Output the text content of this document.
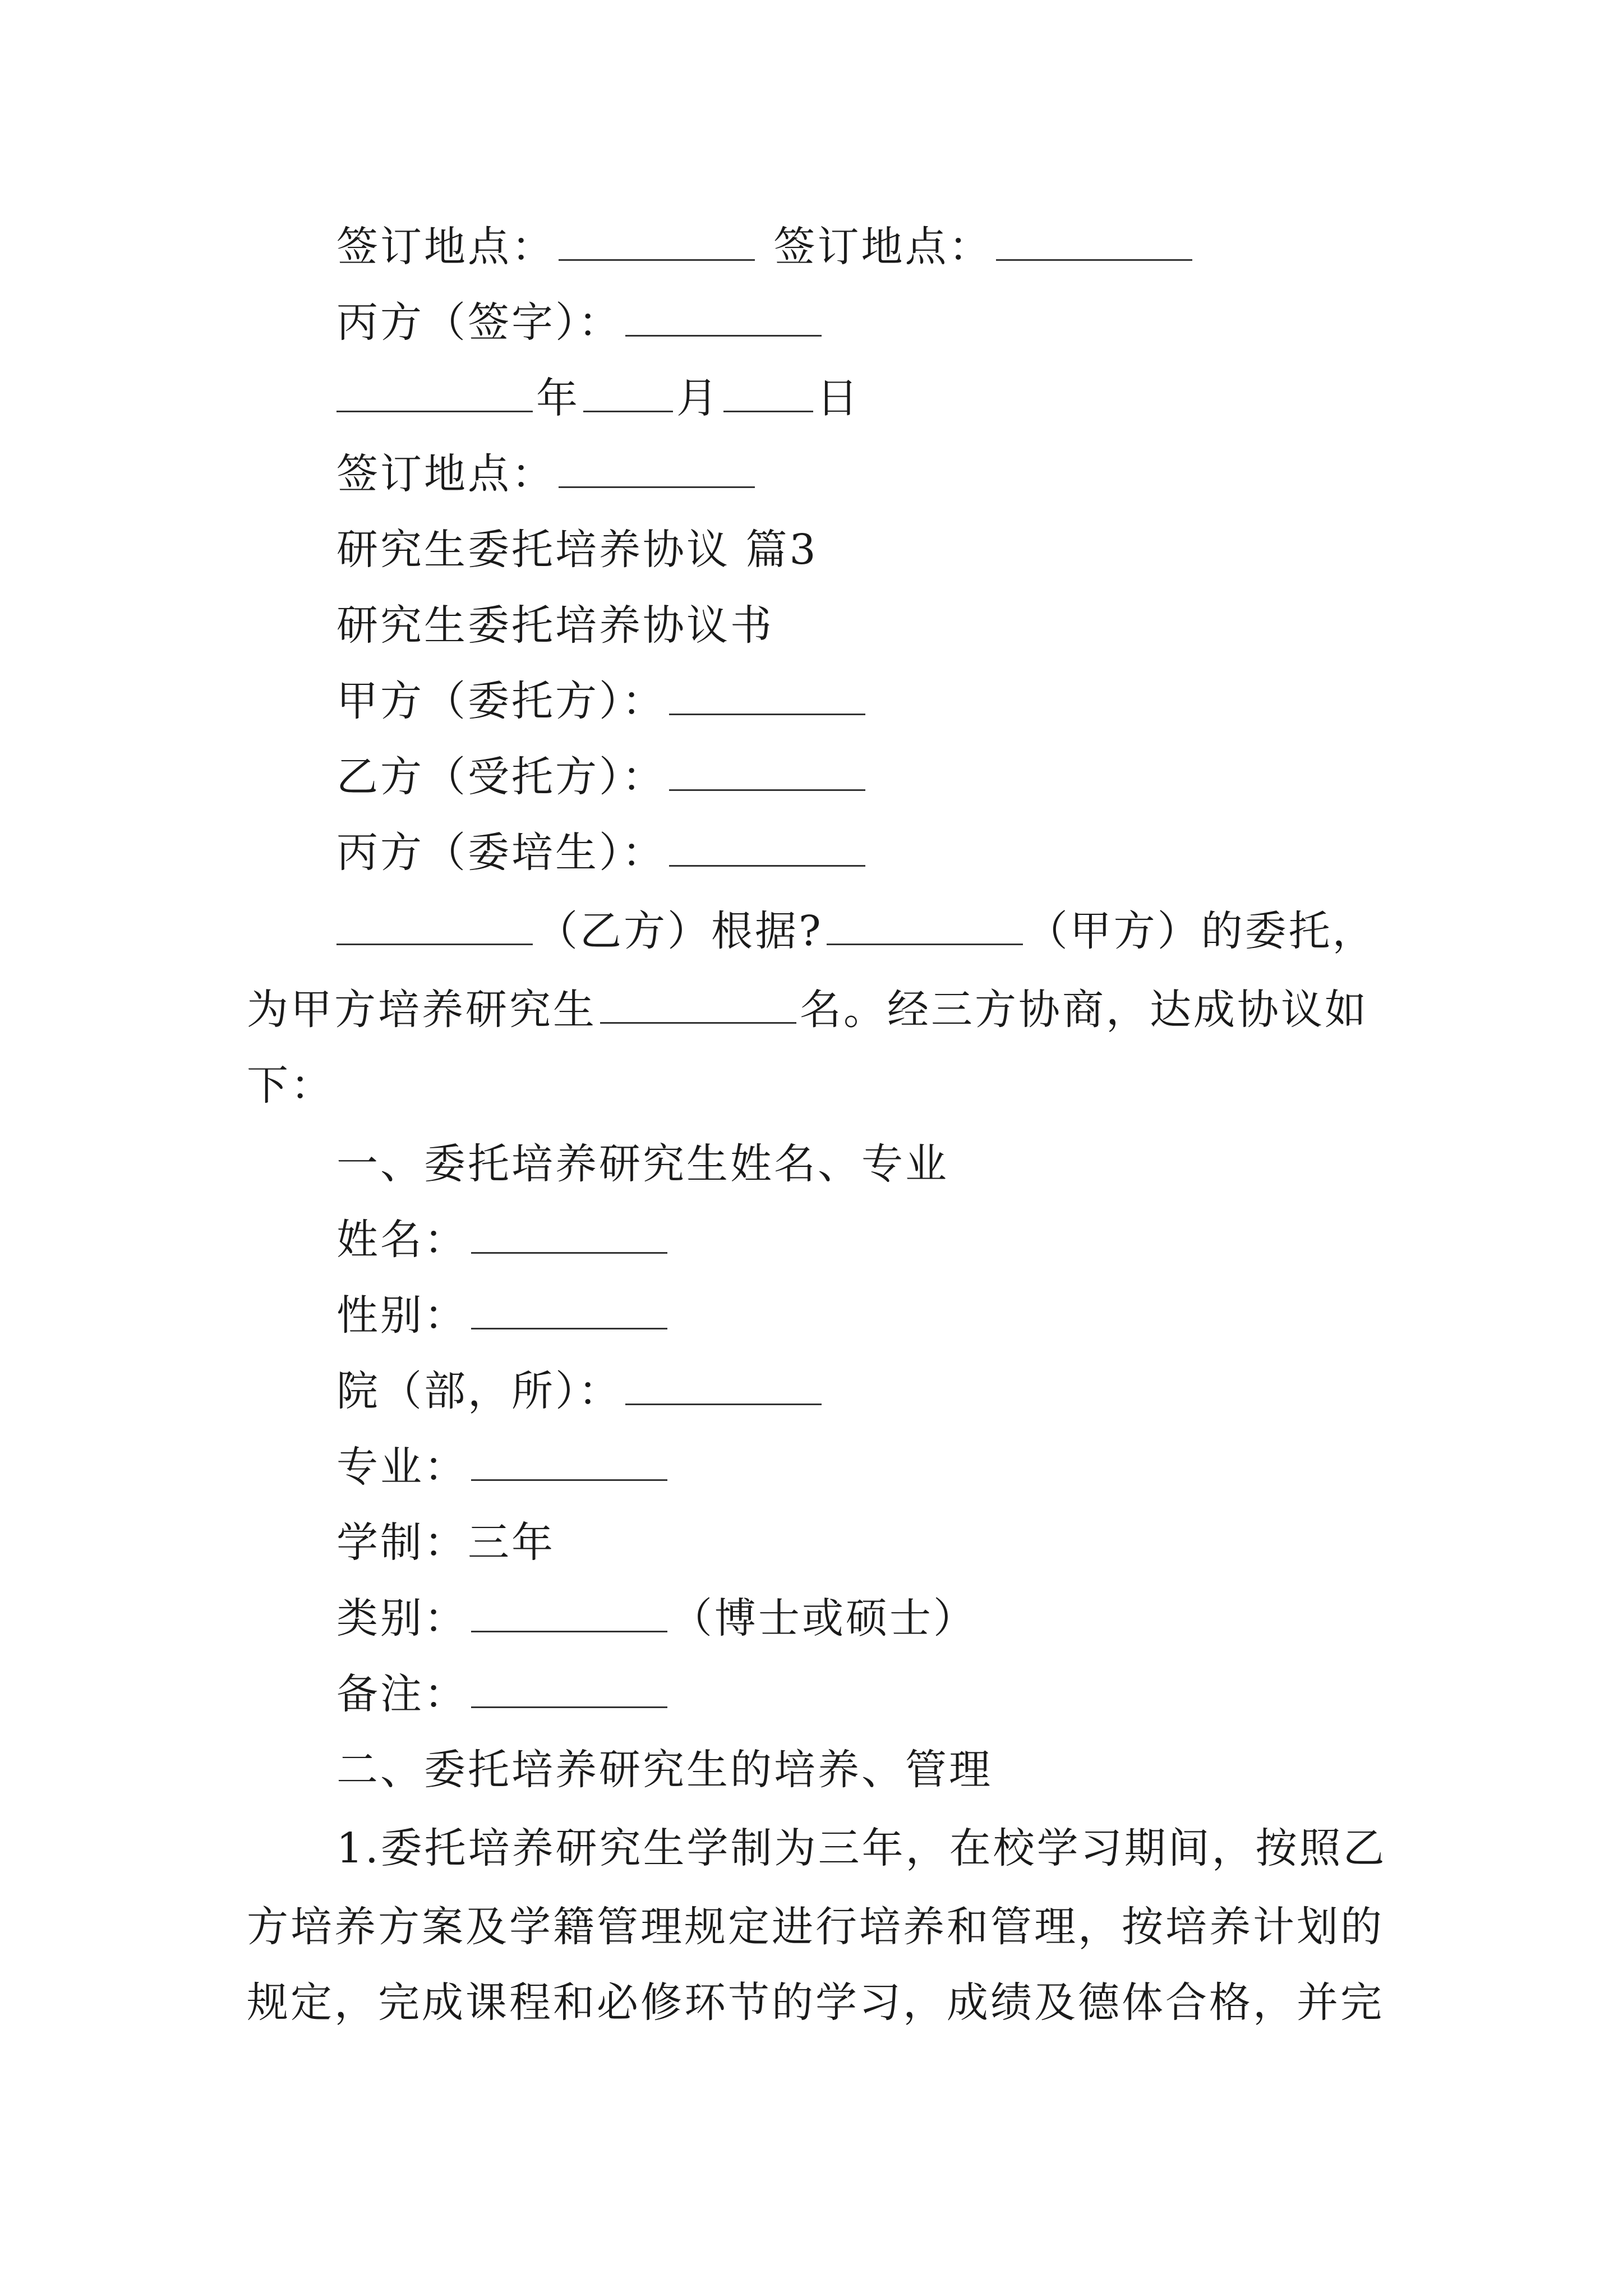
签订地点：	签订地点：
丙方（签字）：
年 月 日
签订地点：
研究生委托培养协议 篇3
研究生委托培养协议书
甲方（委托方）：
乙方（受托方）：
丙方（委培生）：
（乙方）根据?	（甲方）的委托，
为甲方培养研究生	名。经三方协商，达成协议如
下：
一、委托培养研究生姓名、专业
姓名：
性别：
院（部，所）：
专业：
学制：三年
类别：	（博士或硕士）
备注：
二、委托培养研究生的培养、管理
1.委托培养研究生学制为三年，在校学习期间，按照乙
方培养方案及学籍管理规定进行培养和管理，按培养计划的
规定，完成课程和必修环节的学习，成绩及德体合格，并完
